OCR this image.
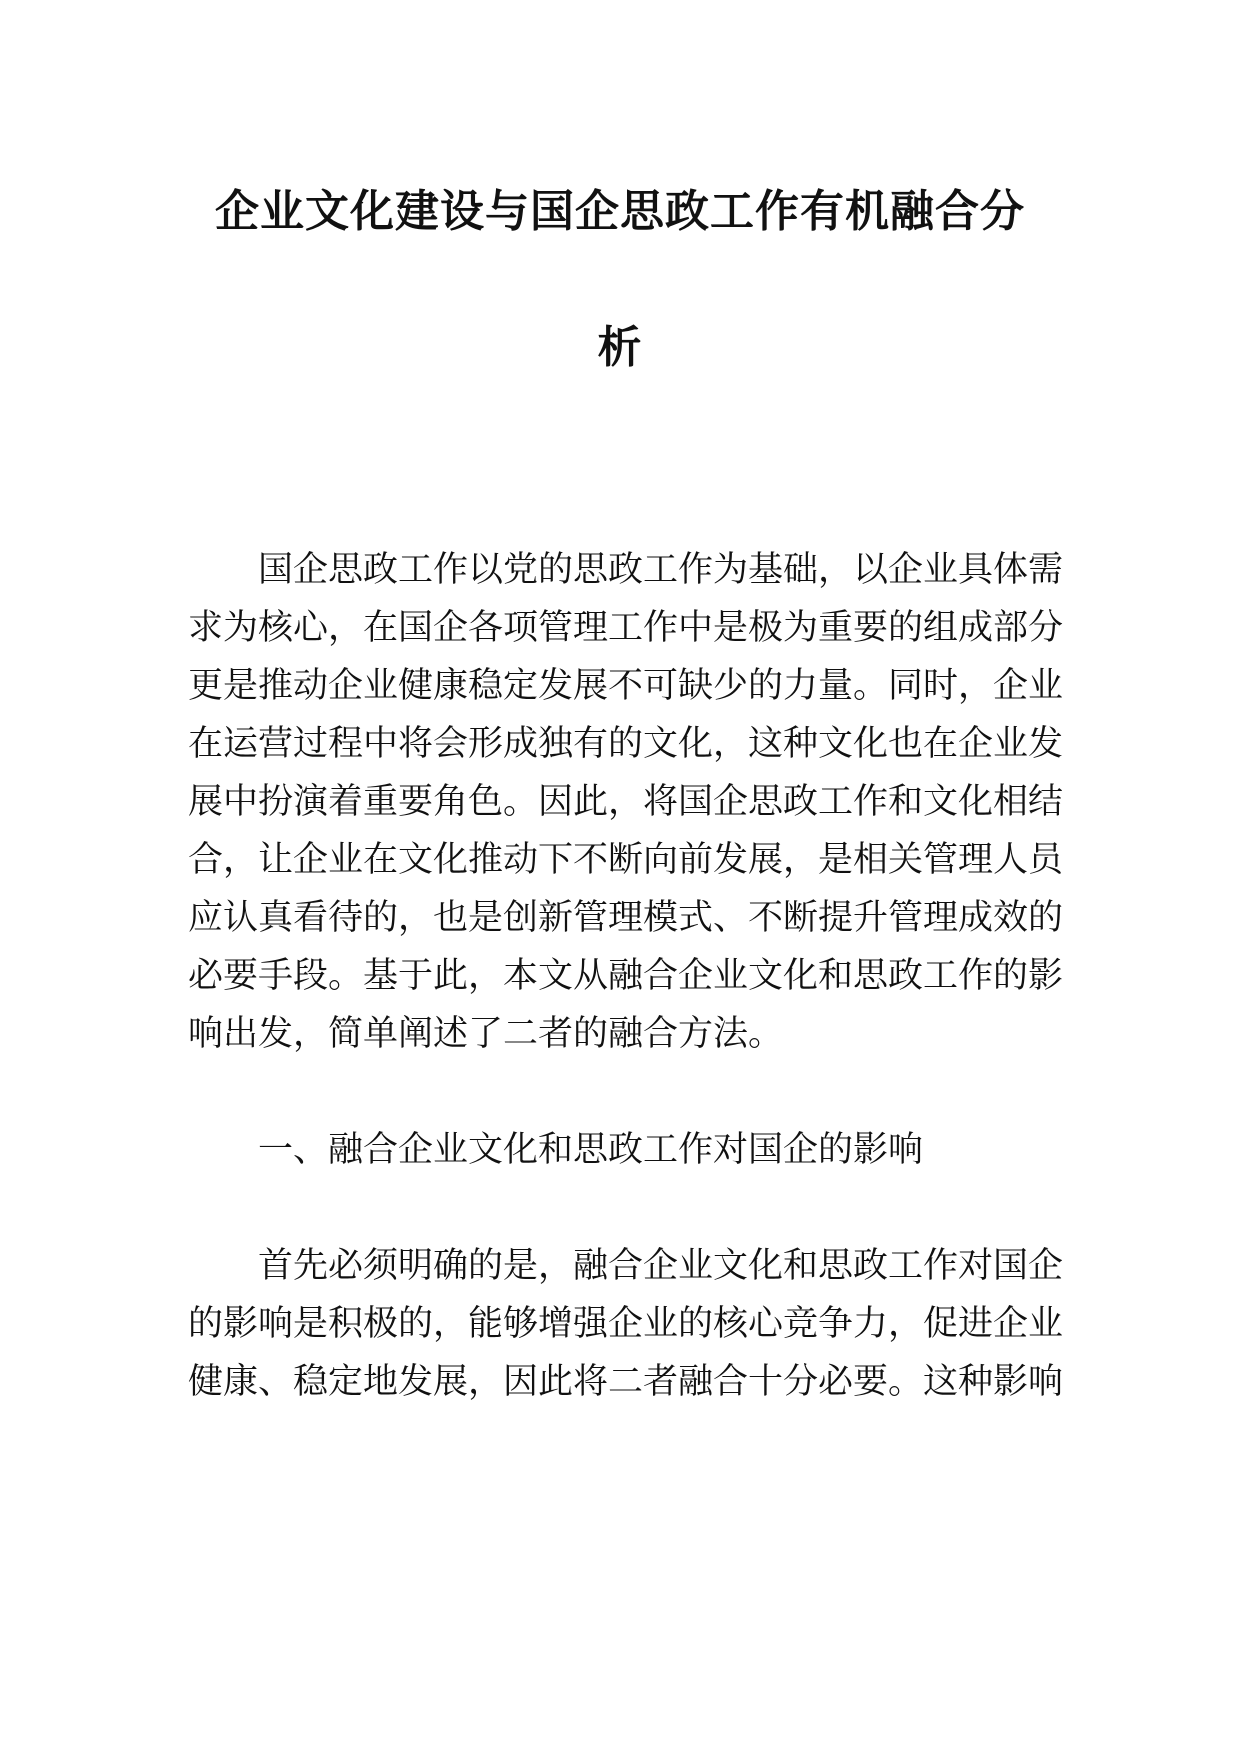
企业文化建设与国企思政工作有机融合分
析
国企思政工作以党的思政工作为基础，以企业具体需
求为核心，在国企各项管理工作中是极为重要的组成部分
更是推动企业健康稳定发展不可缺少的力量。同时，企业
在运营过程中将会形成独有的文化，这种文化也在企业发
展中扮演着重要角色。因此，将国企思政工作和文化相结
合，让企业在文化推动下不断向前发展，是相关管理人员
应认真看待的，也是创新管理模式、不断提升管理成效的
必要手段。基于此，本文从融合企业文化和思政工作的影
响出发，简单阐述了二者的融合方法。
一、融合企业文化和思政工作对国企的影响
首先必须明确的是，融合企业文化和思政工作对国企
的影响是积极的，能够增强企业的核心竞争力，促进企业
健康、稳定地发展，因此将二者融合十分必要。这种影响
